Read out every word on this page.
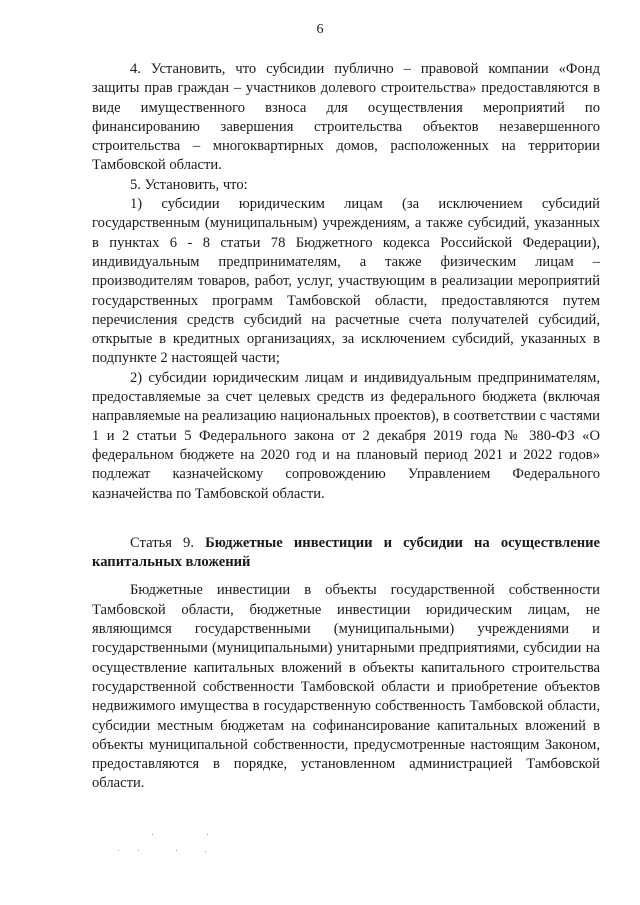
6

4. Установить, что субсидии публично – правовой компании «Фонд защиты прав граждан – участников долевого строительства» предоставляются в виде имущественного взноса для осуществления мероприятий по финансированию завершения строительства объектов незавершенного строительства – многоквартирных домов, расположенных на территории Тамбовской области.

5. Установить, что:

1) субсидии юридическим лицам (за исключением субсидий государственным (муниципальным) учреждениям, а также субсидий, указанных в пунктах 6 - 8 статьи 78 Бюджетного кодекса Российской Федерации), индивидуальным предпринимателям, а также физическим лицам – производителям товаров, работ, услуг, участвующим в реализации мероприятий государственных программ Тамбовской области, предоставляются путем перечисления средств субсидий на расчетные счета получателей субсидий, открытые в кредитных организациях, за исключением субсидий, указанных в подпункте 2 настоящей части;

2) субсидии юридическим лицам и индивидуальным предпринимателям, предоставляемые за счет целевых средств из федерального бюджета (включая направляемые на реализацию национальных проектов), в соответствии с частями 1 и 2 статьи 5 Федерального закона от 2 декабря 2019 года № 380-ФЗ «О федеральном бюджете на 2020 год и на плановый период 2021 и 2022 годов» подлежат казначейскому сопровождению Управлением Федерального казначейства по Тамбовской области.

Статья 9. Бюджетные инвестиции и субсидии на осуществление капитальных вложений

Бюджетные инвестиции в объекты государственной собственности Тамбовской области, бюджетные инвестиции юридическим лицам, не являющимся государственными (муниципальными) учреждениями и государственными (муниципальными) унитарными предприятиями, субсидии на осуществление капитальных вложений в объекты капитального строительства государственной собственности Тамбовской области и приобретение объектов недвижимого имущества в государственную собственность Тамбовской области, субсидии местным бюджетам на софинансирование капитальных вложений в объекты муниципальной собственности, предусмотренные настоящим Законом, предоставляются в порядке, установленном администрацией Тамбовской области.
